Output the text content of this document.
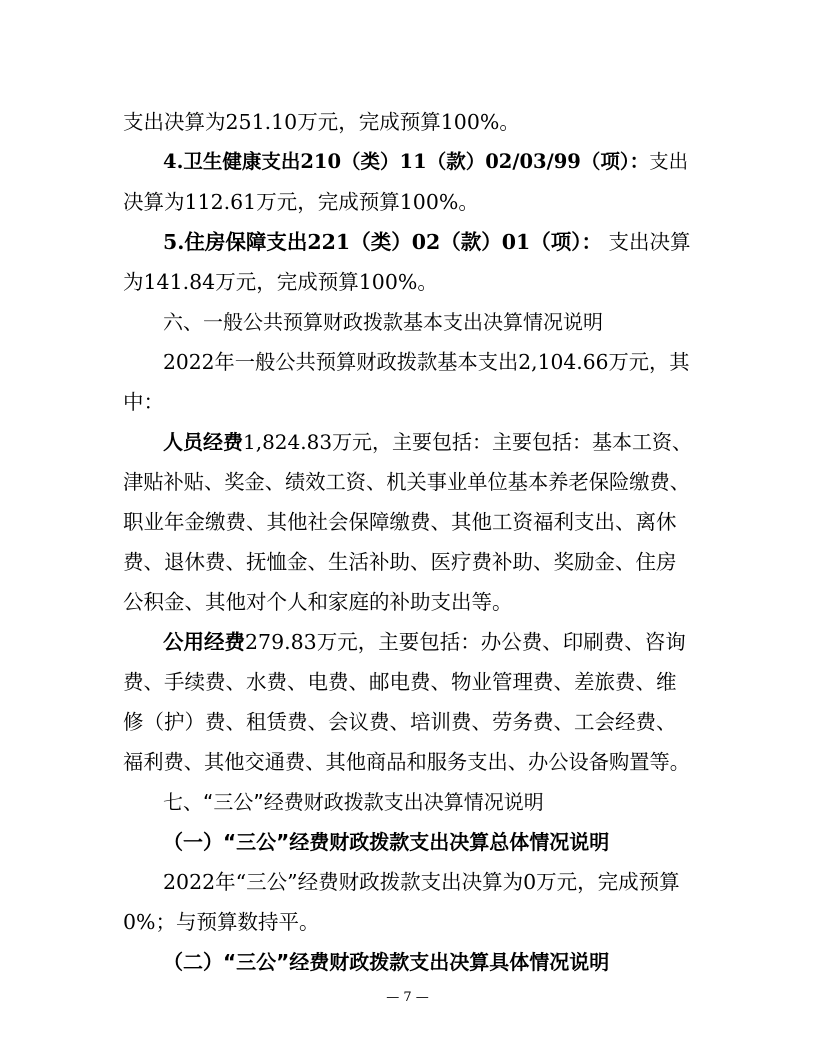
支出决算为251.10万元，完成预算100%。
4.卫生健康支出210（类）11（款）02/03/99（项）：支出
决算为112.61万元，完成预算100%。
5.住房保障支出221（类）02（款）01（项）： 支出决算
为141.84万元，完成预算100%。
六、一般公共预算财政拨款基本支出决算情况说明
2022年一般公共预算财政拨款基本支出2,104.66万元，其
中：
人员经费1,824.83万元，主要包括：主要包括：基本工资、
津贴补贴、奖金、绩效工资、机关事业单位基本养老保险缴费、
职业年金缴费、其他社会保障缴费、其他工资福利支出、离休
费、退休费、抚恤金、生活补助、医疗费补助、奖励金、住房
公积金、其他对个人和家庭的补助支出等。
公用经费279.83万元，主要包括：办公费、印刷费、咨询
费、手续费、水费、电费、邮电费、物业管理费、差旅费、维
修（护）费、租赁费、会议费、培训费、劳务费、工会经费、
福利费、其他交通费、其他商品和服务支出、办公设备购置等。
七、“三公”经费财政拨款支出决算情况说明
（一）“三公”经费财政拨款支出决算总体情况说明
2022年“三公”经费财政拨款支出决算为0万元，完成预算
0%；与预算数持平。
（二）“三公”经费财政拨款支出决算具体情况说明
— 7 —
